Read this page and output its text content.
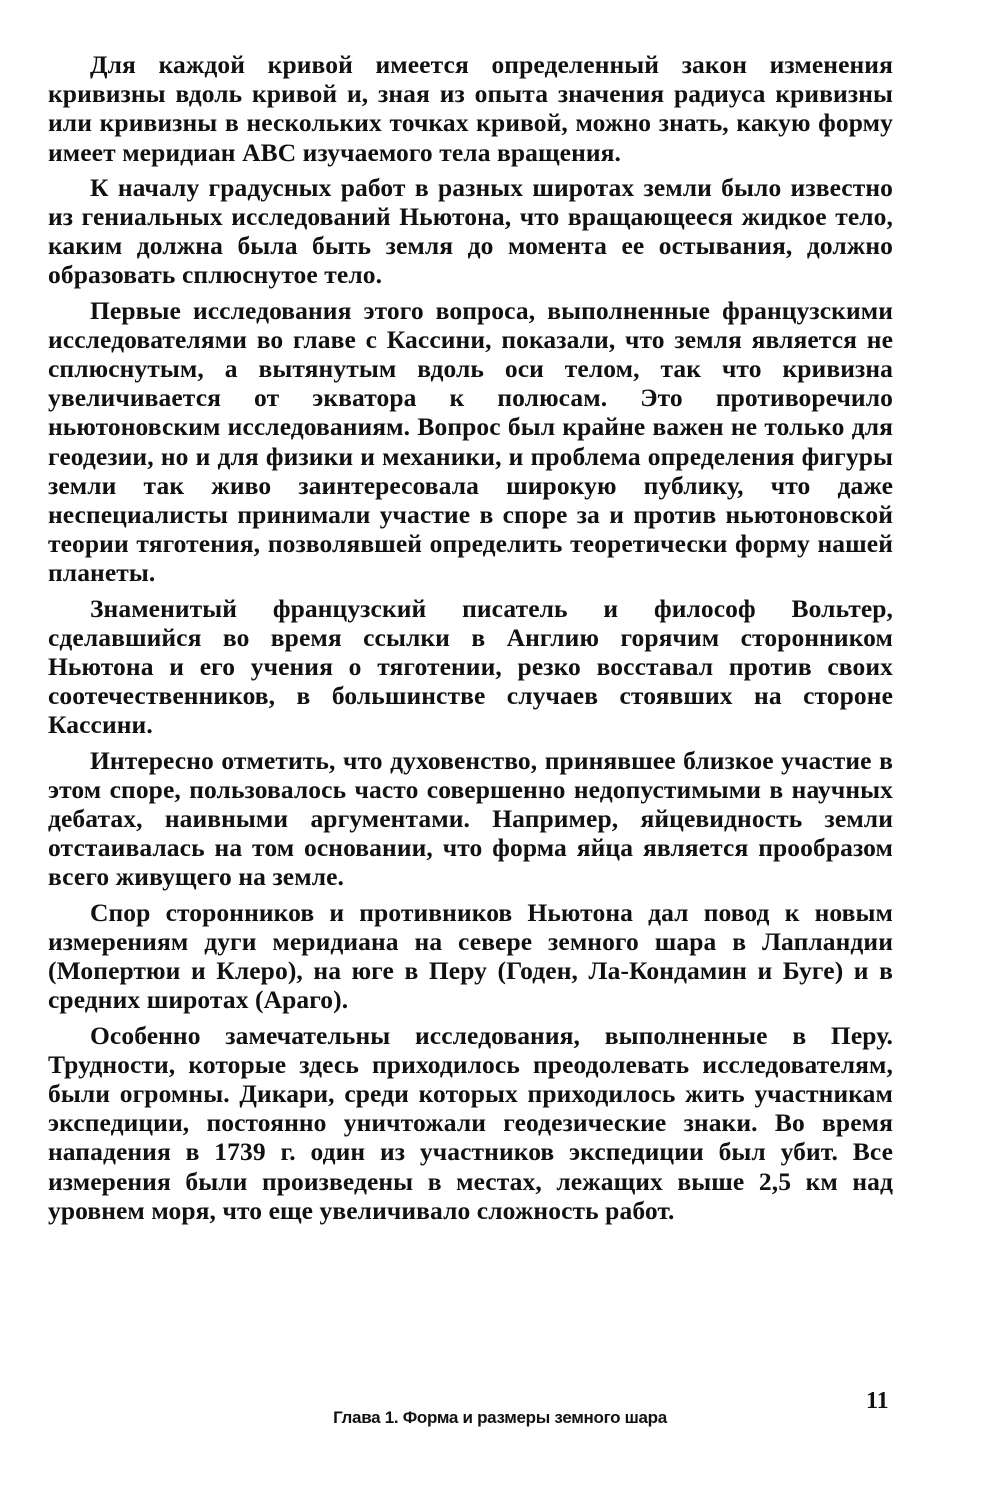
Для каждой кривой имеется определенный закон изменения кривизны вдоль кривой и, зная из опыта значения радиуса кривизны или кривизны в нескольких точках кривой, можно знать, какую форму имеет меридиан ABC изучаемого тела вращения.

К началу градусных работ в разных широтах земли было известно из гениальных исследований Ньютона, что вращающееся жидкое тело, каким должна была быть земля до момента ее остывания, должно образовать сплюснутое тело.

Первые исследования этого вопроса, выполненные французскими исследователями во главе с Кассини, показали, что земля является не сплюснутым, а вытянутым вдоль оси телом, так что кривизна увеличивается от экватора к полюсам. Это противоречило ньютоновским исследованиям. Вопрос был крайне важен не только для геодезии, но и для физики и механики, и проблема определения фигуры земли так живо заинтересовала широкую публику, что даже неспециалисты принимали участие в споре за и против ньютоновской теории тяготения, позволявшей определить теоретически форму нашей планеты.

Знаменитый французский писатель и философ Вольтер, сделавшийся во время ссылки в Англию горячим сторонником Ньютона и его учения о тяготении, резко восставал против своих соотечественников, в большинстве случаев стоявших на стороне Кассини.

Интересно отметить, что духовенство, принявшее близкое участие в этом споре, пользовалось часто совершенно недопустимыми в научных дебатах, наивными аргументами. Например, яйцевидность земли отстаивалась на том основании, что форма яйца является прообразом всего живущего на земле.

Спор сторонников и противников Ньютона дал повод к новым измерениям дуги меридиана на севере земного шара в Лапландии (Мопертюи и Клеро), на юге в Перу (Годен, Ла-Кондамин и Буге) и в средних широтах (Араго).

Особенно замечательны исследования, выполненные в Перу. Трудности, которые здесь приходилось преодолевать исследователям, были огромны. Дикари, среди которых приходилось жить участникам экспедиции, постоянно уничтожали геодезические знаки. Во время нападения в 1739 г. один из участников экспедиции был убит. Все измерения были произведены в местах, лежащих выше 2,5 км над уровнем моря, что еще увеличивало сложность работ.

11
Глава 1. Форма и размеры земного шара
